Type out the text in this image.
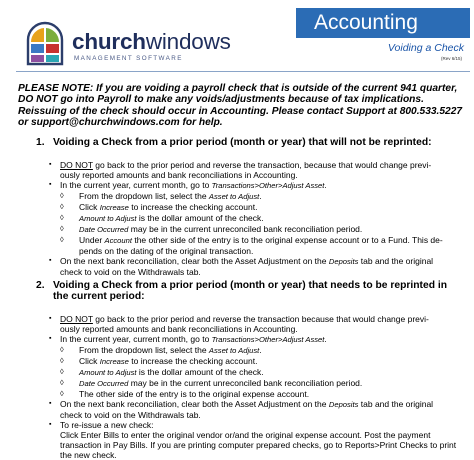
churchwindows
MANAGEMENT SOFTWARE
Accounting
Voiding a Check
(Rev 6/15)
PLEASE NOTE: If you are voiding a payroll check that is outside of the current 941 quarter, DO NOT go into Payroll to make any voids/adjustments because of tax implications. Reissuing of the check should occur in Accounting. Please contact Support at 800.533.5227 or support@churchwindows.com for help.
1. Voiding a Check from a prior period (month or year) that will not be reprinted:
▪ DO NOT go back to the prior period and reverse the transaction, because that would change previ-
ously reported amounts and bank reconciliations in Accounting.
▪ In the current year, current month, go to Transactions>Other>Adjust Asset.
◊ From the dropdown list, select the Asset to Adjust.
◊ Click Increase to increase the checking account.
◊ Amount to Adjust is the dollar amount of the check.
◊ Date Occurred may be in the current unreconciled bank reconciliation period.
◊ Under Account the other side of the entry is to the original expense account or to a Fund. This de-
pends on the dating of the original transaction.
▪ On the next bank reconciliation, clear both the Asset Adjustment on the Deposits tab and the original
check to void on the Withdrawals tab.
2. Voiding a Check from a prior period (month or year) that needs to be reprinted in
the current period:
▪ DO NOT go back to the prior period and reverse the transaction because that would change previ-
ously reported amounts and bank reconciliations in Accounting.
▪ In the current year, current month, go to Transactions>Other>Adjust Asset.
◊ From the dropdown list, select the Asset to Adjust.
◊ Click Increase to increase the checking account.
◊ Amount to Adjust is the dollar amount of the check.
◊ Date Occurred may be in the current unreconciled bank reconciliation period.
◊ The other side of the entry is to the original expense account.
▪ On the next bank reconciliation, clear both the Asset Adjustment on the Deposits tab and the original
check to void on the Withdrawals tab.
▪ To re-issue a new check:
Click Enter Bills to enter the original vendor or/and the original expense account. Post the payment
transaction in Pay Bills. If you are printing computer prepared checks, go to Reports>Print Checks to print
the new check.
